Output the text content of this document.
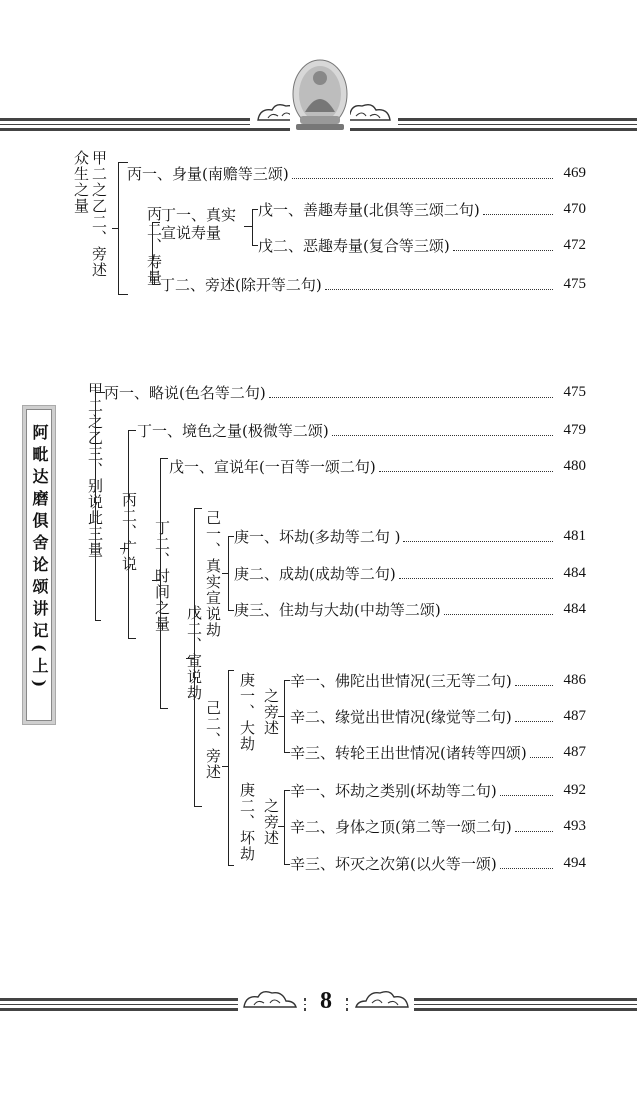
阿毗达磨俱舍论颂讲记(上)
甲二之乙二、旁述众生之量	丙一、身量(南赡等三颂)	469
丙二、寿量
丁一、真实
宣说寿量
戊一、善趣寿量(北俱等三颂二句)	470
戊二、恶趣寿量(复合等三颂)	472
丁二、旁述(除开等二句)	475
甲二之乙三、别说此三量 丙一、略说(色名等二句)	475
丙二、广说
丁一、境色之量(极微等二颂)	479
丁二、时间之量
戊一、宣说年(一百等一颂二句)	480
戊二、宣说劫
己一、真实宣说劫 庚一、坏劫(多劫等二句 )	481
庚二、成劫(成劫等二句)	484
庚三、住劫与大劫(中劫等二颂)	484
己二、旁述 庚一、大劫 之旁述
辛一、佛陀出世情况(三无等二句)	486
辛二、缘觉出世情况(缘觉等二句)	487
辛三、转轮王出世情况(诸转等四颂)	487
庚二、坏劫 之旁述
辛一、坏劫之类别(坏劫等二句)	492
辛二、身体之顶(第二等一颂二句)	493
辛三、坏灭之次第(以火等一颂)	494
8
